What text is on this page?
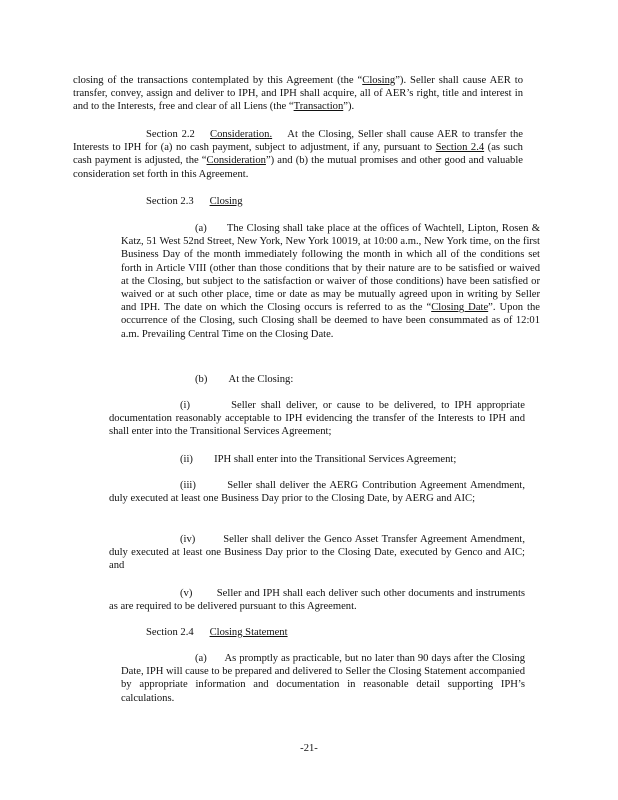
closing of the transactions contemplated by this Agreement (the “Closing”). Seller shall cause AER to transfer, convey, assign and deliver to IPH, and IPH shall acquire, all of AER’s right, title and interest in and to the Interests, free and clear of all Liens (the “Transaction”).

Section 2.2 Consideration. At the Closing, Seller shall cause AER to transfer the Interests to IPH for (a) no cash payment, subject to adjustment, if any, pursuant to Section 2.4 (as such cash payment is adjusted, the “Consideration”) and (b) the mutual promises and other good and valuable consideration set forth in this Agreement.

Section 2.3 Closing

(a) The Closing shall take place at the offices of Wachtell, Lipton, Rosen & Katz, 51 West 52nd Street, New York, New York 10019, at 10:00 a.m., New York time, on the first Business Day of the month immediately following the month in which all of the conditions set forth in Article VIII (other than those conditions that by their nature are to be satisfied or waived at the Closing, but subject to the satisfaction or waiver of those conditions) have been satisfied or waived or at such other place, time or date as may be mutually agreed upon in writing by Seller and IPH. The date on which the Closing occurs is referred to as the “Closing Date”. Upon the occurrence of the Closing, such Closing shall be deemed to have been consummated as of 12:01 a.m. Prevailing Central Time on the Closing Date.

(b) At the Closing:

(i)	Seller shall deliver, or cause to be delivered, to IPH appropriate documentation reasonably acceptable to IPH evidencing the transfer of the Interests to IPH and shall enter into the Transitional Services Agreement;

(ii) IPH shall enter into the Transitional Services Agreement;

(iii)	Seller shall deliver the AERG Contribution Agreement Amendment, duly executed at least one Business Day prior to the Closing Date, by AERG and AIC;

(iv)	Seller shall deliver the Genco Asset Transfer Agreement Amendment, duly executed at least one Business Day prior to the Closing Date, executed by Genco and AIC; and

(v) Seller and IPH shall each deliver such other documents and instruments as are required to be delivered pursuant to this Agreement.

Section 2.4 Closing Statement

(a) As promptly as practicable, but no later than 90 days after the Closing Date, IPH will cause to be prepared and delivered to Seller the Closing Statement accompanied by appropriate information and documentation in reasonable detail supporting IPH’s calculations.

-21-
